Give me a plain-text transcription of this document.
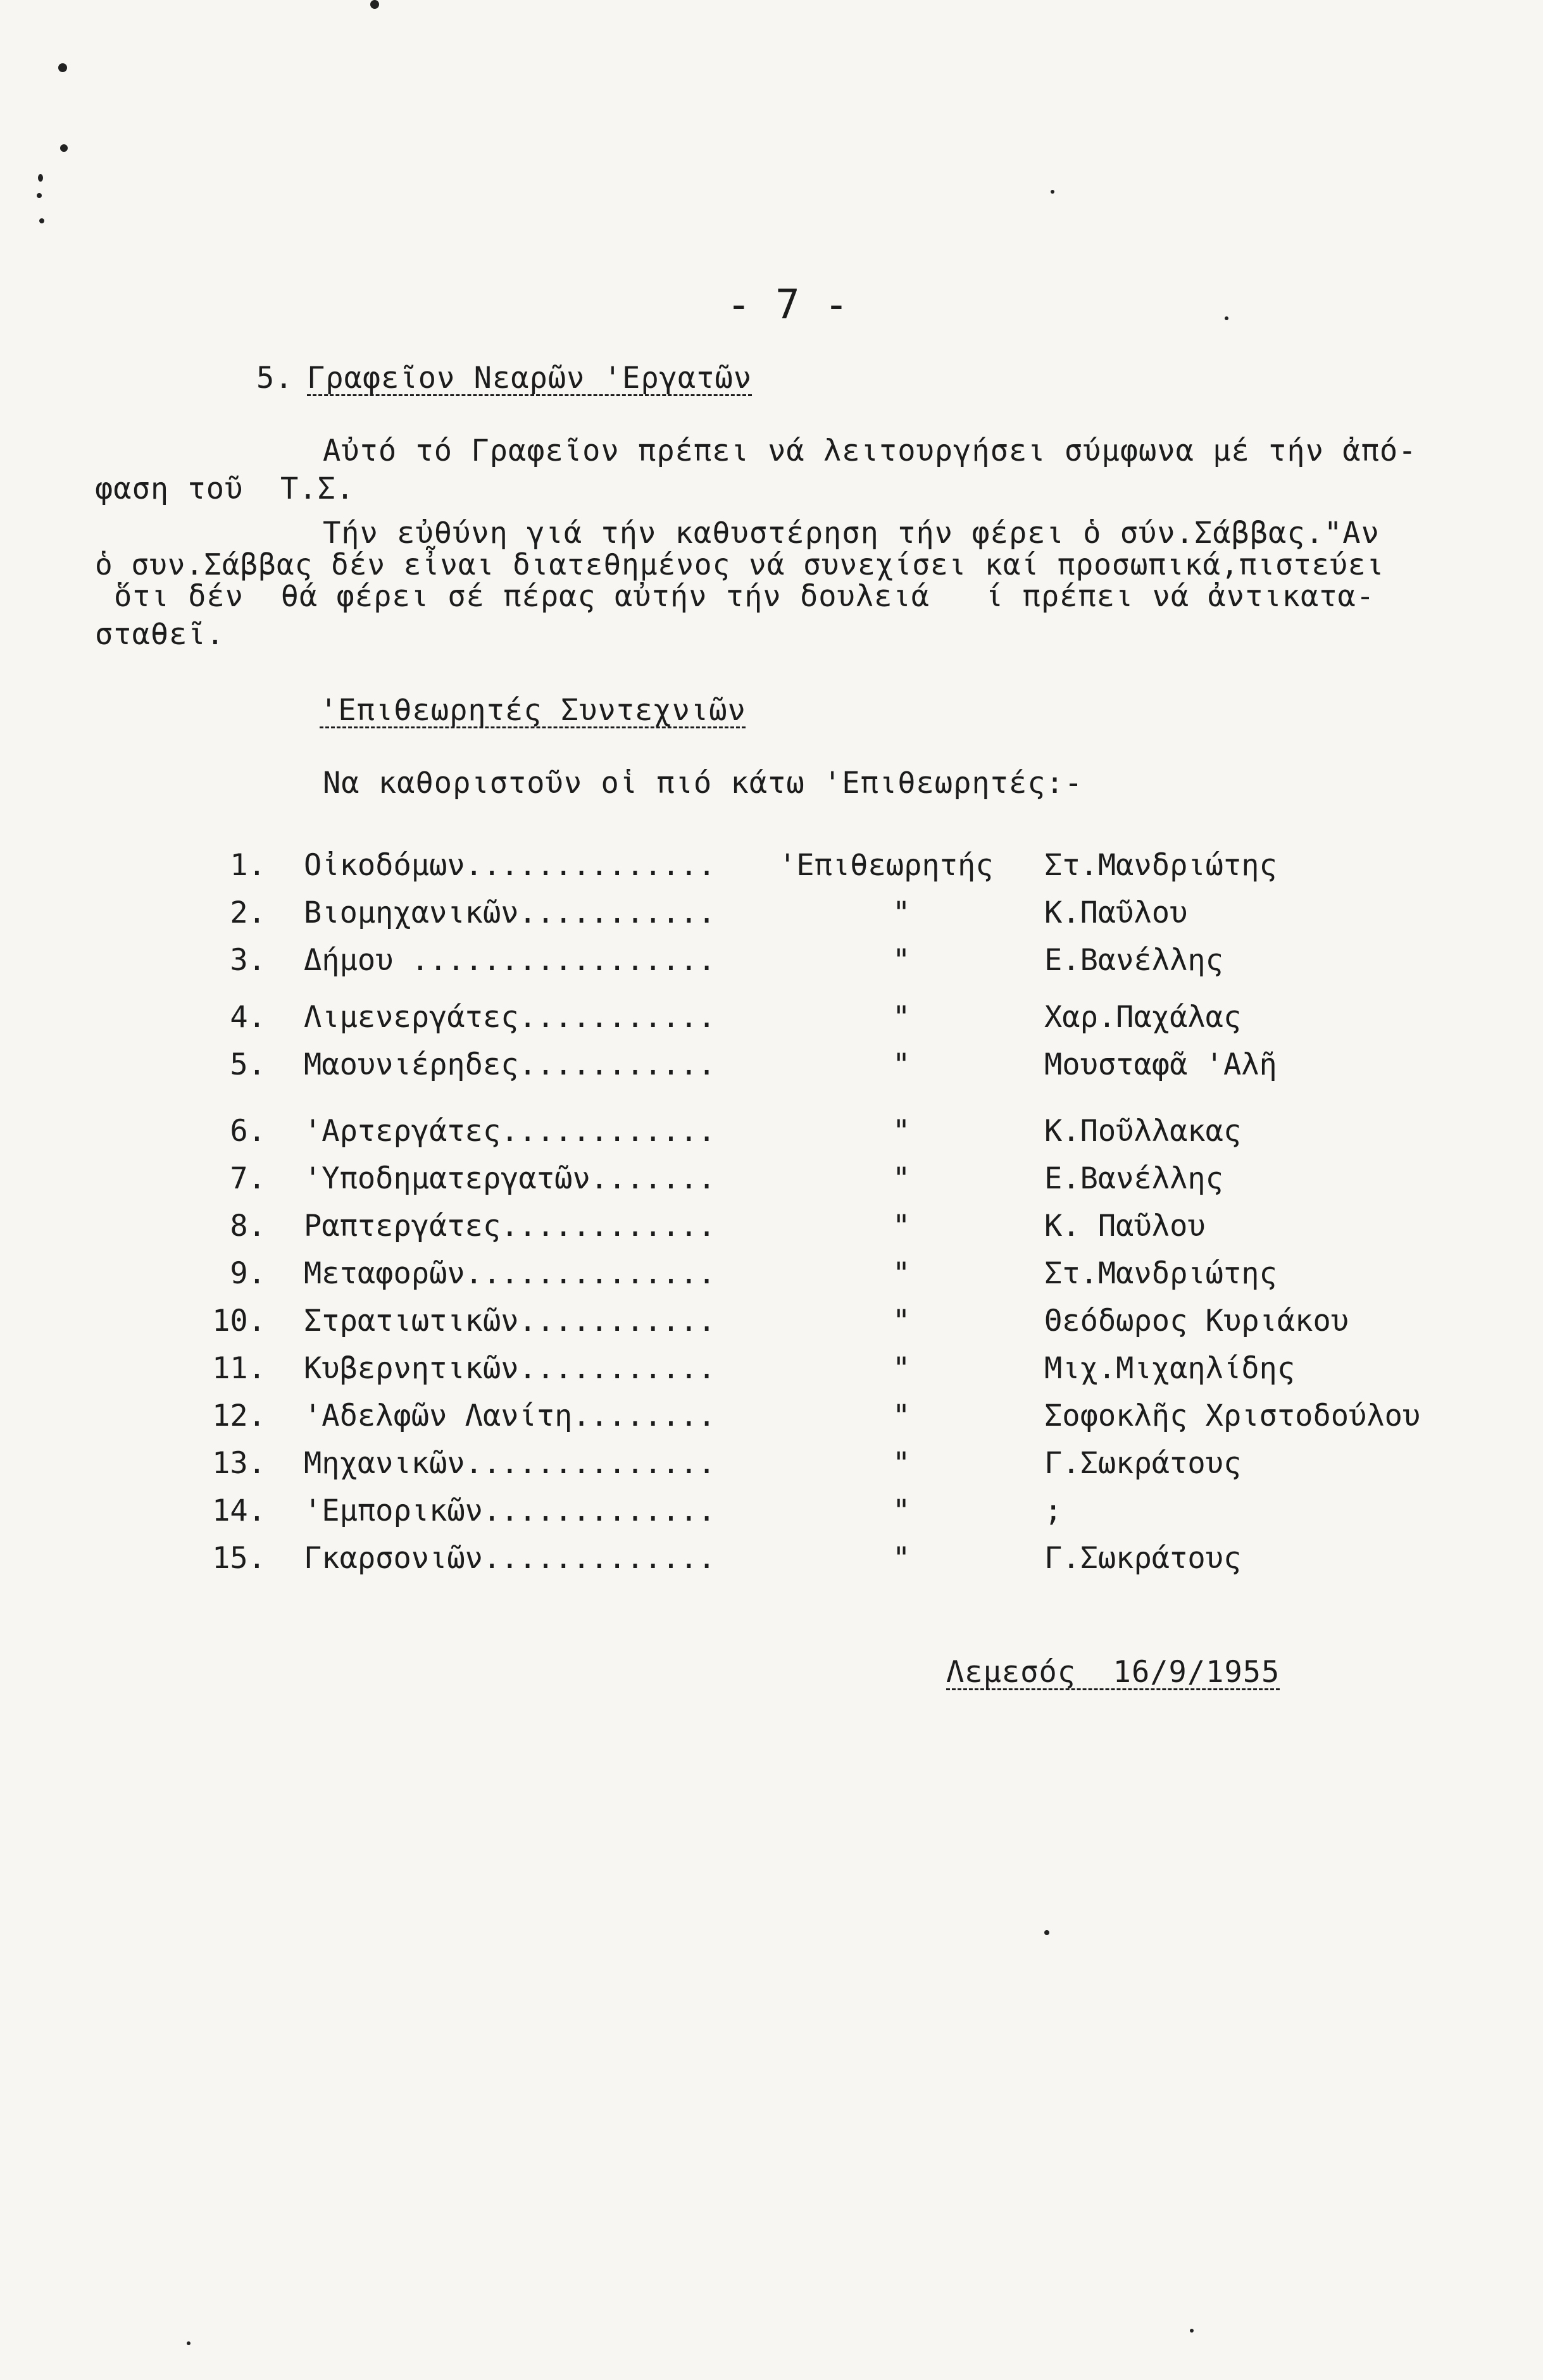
- 7 -
5. Γραφεῖον Νεαρῶν 'Εργατῶν
Αὐτό τό Γραφεῖον πρέπει νά λειτουργήσει σύμφωνα μέ τήν ἀπό-
φαση τοῦ  Τ.Σ.
Τήν εὐθύνη γιά τήν καθυστέρηση τήν φέρει ὁ σύν.Σάββας."Αν
ὁ συν.Σάββας δέν εἶναι διατεθημένος νά συνεχίσει καί προσωπικά,πιστεύει
ὅτι δέν  θά φέρει σέ πέρας αὐτήν τήν δουλειά   ί πρέπει νά ἀντικατα-
σταθεῖ.
'Επιθεωρητές Συντεχνιῶν
Να καθοριστοῦν οἱ πιό κάτω 'Επιθεωρητές:-
1. Οἰκοδόμων.............. 'Επιθεωρητής Στ.Μανδριώτης
2. Βιομηχανικῶν...........	"	Κ.Παῦλου
3. Δήμου .................	"	Ε.Βανέλλης
4. Λιμενεργάτες...........	"	Χαρ.Παχάλας
5. Μαουνιέρηδες...........	"	Μουσταφᾶ 'Αλῆ
6. 'Αρτεργάτες............	"	Κ.Ποῦλλακας
7. 'Υποδηματεργατῶν.......	"	Ε.Βανέλλης
8. Ραπτεργάτες............	"	Κ. Παῦλου
9. Μεταφορῶν..............	"	Στ.Μανδριώτης
10. Στρατιωτικῶν...........	"	Θεόδωρος Κυριάκου
11. Κυβερνητικῶν...........	"	Μιχ.Μιχαηλίδης
12. 'Αδελφῶν Λανίτη........	"	Σοφοκλῆς Χριστοδούλου
13. Μηχανικῶν..............	"	Γ.Σωκράτους
14. 'Εμπορικῶν.............	"	;
15. Γκαρσονιῶν.............	"	Γ.Σωκράτους
Λεμεσός  16/9/1955
